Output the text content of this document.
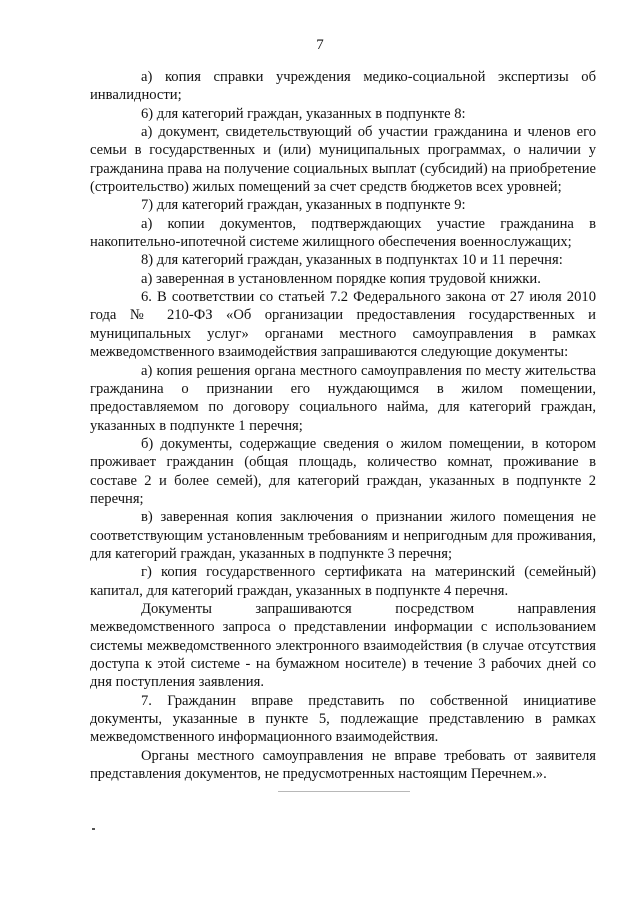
7

а) копия справки учреждения медико-социальной экспертизы об инвалидности;

6) для категорий граждан, указанных в подпункте 8:

а) документ, свидетельствующий об участии гражданина и членов его семьи в государственных и (или) муниципальных программах, о наличии у гражданина права на получение социальных выплат (субсидий) на приобретение (строительство) жилых помещений за счет средств бюджетов всех уровней;

7) для категорий граждан, указанных в подпункте 9:

а) копии документов, подтверждающих участие гражданина в накопительно-ипотечной системе жилищного обеспечения военнослужащих;

8) для категорий граждан, указанных в подпунктах 10 и 11 перечня:

а) заверенная в установленном порядке копия трудовой книжки.

6. В соответствии со статьей 7.2 Федерального закона от 27 июля 2010 года № 210-ФЗ «Об организации предоставления государственных и муниципальных услуг» органами местного самоуправления в рамках межведомственного взаимодействия запрашиваются следующие документы:

а) копия решения органа местного самоуправления по месту жительства гражданина о признании его нуждающимся в жилом помещении, предоставляемом по договору социального найма, для категорий граждан, указанных в подпункте 1 перечня;

б) документы, содержащие сведения о жилом помещении, в котором проживает гражданин (общая площадь, количество комнат, проживание в составе 2 и более семей), для категорий граждан, указанных в подпункте 2 перечня;

в) заверенная копия заключения о признании жилого помещения не соответствующим установленным требованиям и непригодным для проживания, для категорий граждан, указанных в подпункте 3 перечня;

г) копия государственного сертификата на материнский (семейный) капитал, для категорий граждан, указанных в подпункте 4 перечня.

Документы запрашиваются посредством направления межведомственного запроса о представлении информации с использованием системы межведомственного электронного взаимодействия (в случае отсутствия доступа к этой системе - на бумажном носителе) в течение 3 рабочих дней со дня поступления заявления.

7. Гражданин вправе представить по собственной инициативе документы, указанные в пункте 5, подлежащие представлению в рамках межведомственного информационного взаимодействия.

Органы местного самоуправления не вправе требовать от заявителя представления документов, не предусмотренных настоящим Перечнем.».
